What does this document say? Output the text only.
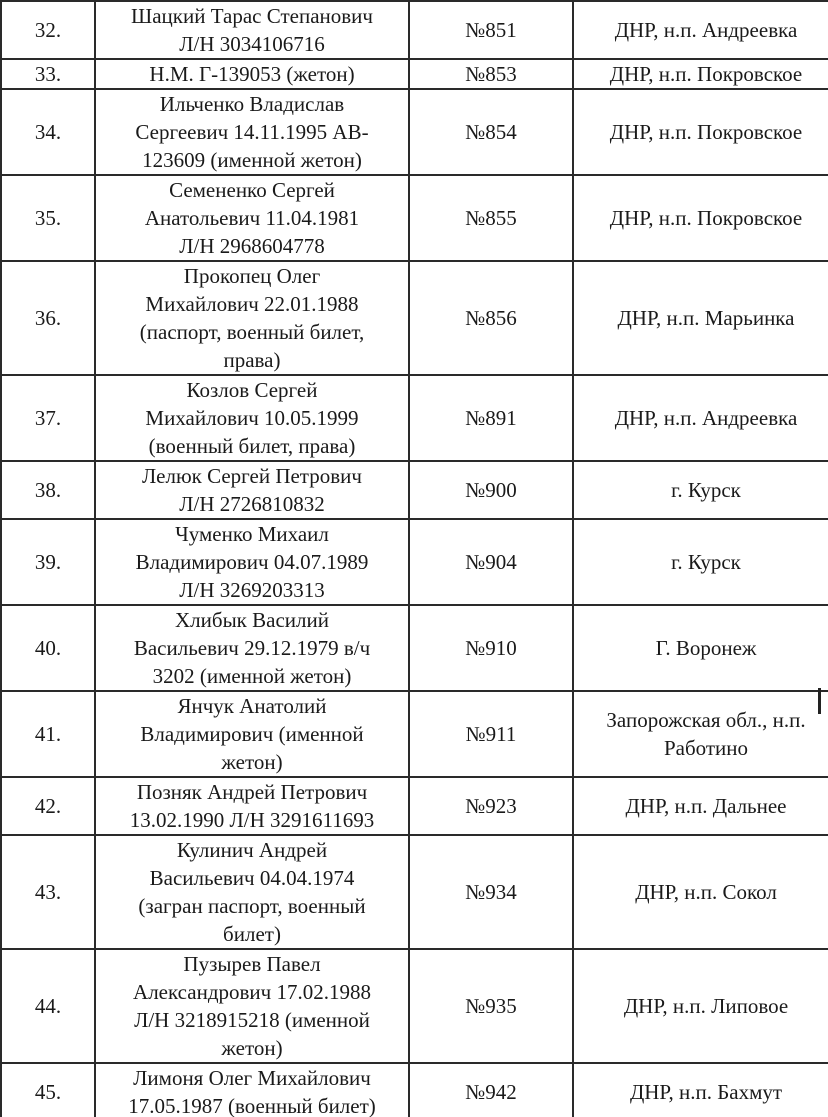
32.	Шацкий Тарас Степанович
Л/Н 3034106716	№851	ДНР, н.п. Андреевка
33.	Н.М. Г-139053 (жетон)	№853	ДНР, н.п. Покровское
34.	Ильченко Владислав
Сергеевич 14.11.1995 АВ-
123609 (именной жетон)	№854	ДНР, н.п. Покровское
35.	Семененко Сергей
Анатольевич 11.04.1981
Л/Н 2968604778	№855	ДНР, н.п. Покровское
36.	Прокопец Олег
Михайлович 22.01.1988
(паспорт, военный билет,
права)	№856	ДНР, н.п. Марьинка
37.	Козлов Сергей
Михайлович 10.05.1999
(военный билет, права)	№891	ДНР, н.п. Андреевка
38.	Лелюк Сергей Петрович
Л/Н 2726810832	№900	г. Курск
39.	Чуменко Михаил
Владимирович 04.07.1989
Л/Н 3269203313	№904	г. Курск
40.	Хлибык Василий
Васильевич 29.12.1979 в/ч
3202 (именной жетон)	№910	Г. Воронеж
41.	Янчук Анатолий
Владимирович (именной
жетон)	№911	Запорожская обл., н.п.
Работино
42.	Позняк Андрей Петрович
13.02.1990 Л/Н 3291611693	№923	ДНР, н.п. Дальнее
43.	Кулинич Андрей
Васильевич 04.04.1974
(загран паспорт, военный
билет)	№934	ДНР, н.п. Сокол
44.	Пузырев Павел
Александрович 17.02.1988
Л/Н 3218915218 (именной
жетон)	№935	ДНР, н.п. Липовое
45.	Лимоня Олег Михайлович
17.05.1987 (военный билет)	№942	ДНР, н.п. Бахмут
